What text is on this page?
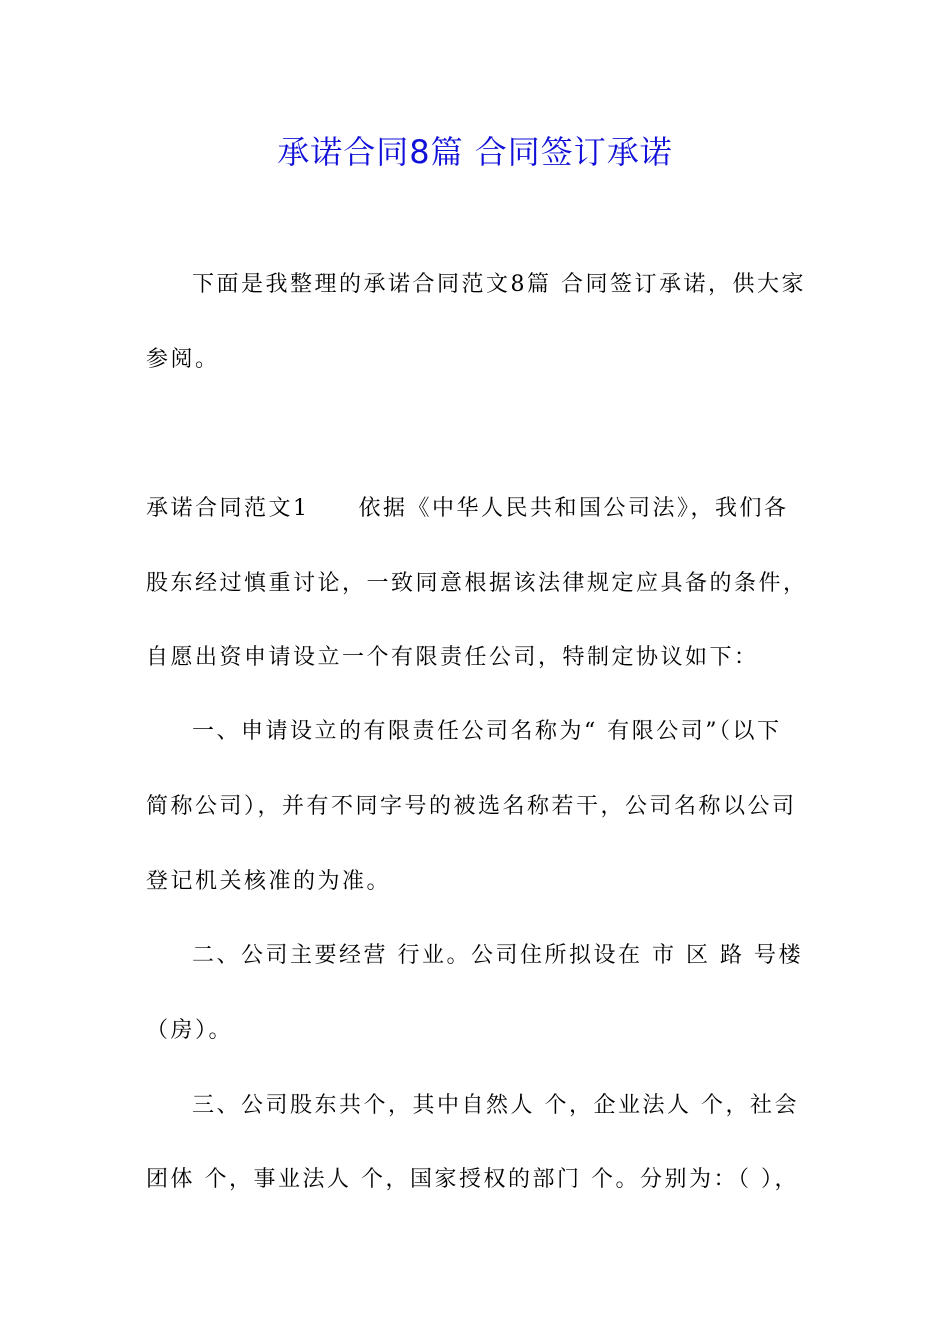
承诺合同8篇 合同签订承诺
下面是我整理的承诺合同范文8篇 合同签订承诺，供大家
参阅。
承诺合同范文1　　依据《中华人民共和国公司法》，我们各
股东经过慎重讨论，一致同意根据该法律规定应具备的条件，
自愿出资申请设立一个有限责任公司，特制定协议如下：
一、申请设立的有限责任公司名称为“ 有限公司”（以下
简称公司），并有不同字号的被选名称若干，公司名称以公司
登记机关核准的为准。
二、公司主要经营 行业。公司住所拟设在 市 区 路 号楼
（房）。
三、公司股东共个，其中自然人 个，企业法人 个，社会
团体 个，事业法人 个，国家授权的部门 个。分别为：（ ），
